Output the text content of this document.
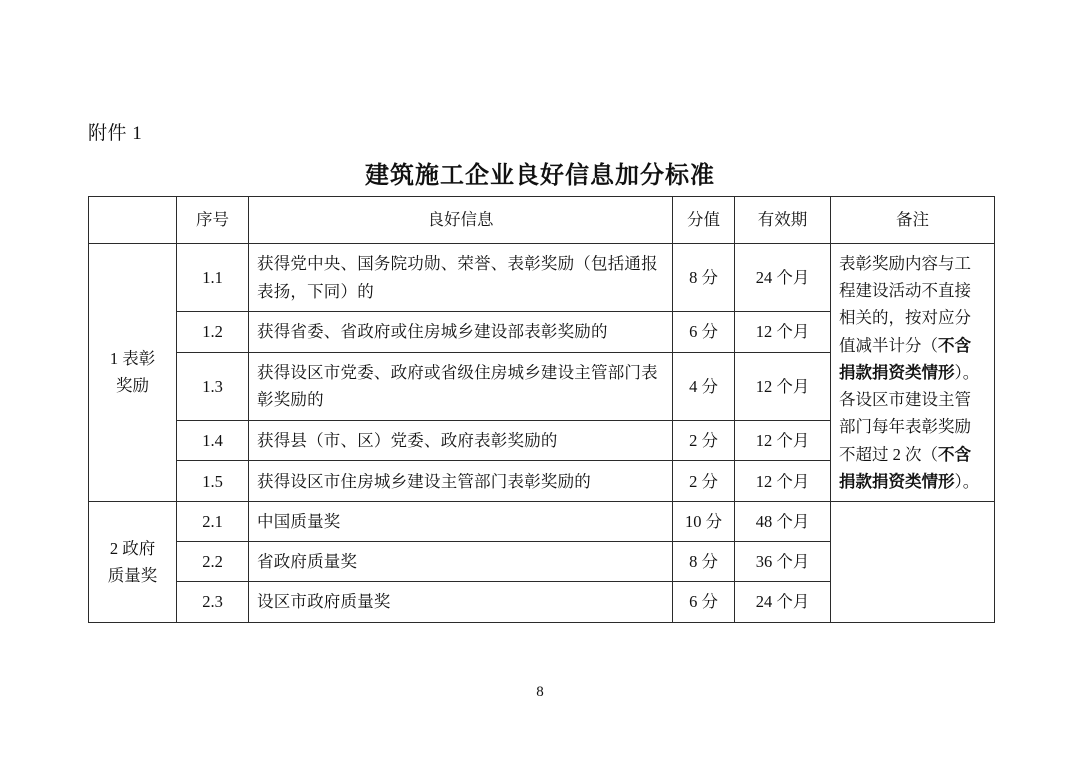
附件 1
建筑施工企业良好信息加分标准
	序号	良好信息	分值	有效期	备注
1 表彰
奖励	1.1	获得党中央、国务院功勋、荣誉、表彰奖励（包括通报表扬，下同）的	8 分	24 个月	表彰奖励内容与工程建设活动不直接相关的，按对应分值减半计分（不含捐款捐资类情形）。各设区市建设主管部门每年表彰奖励不超过 2 次（不含捐款捐资类情形）。
	1.2	获得省委、省政府或住房城乡建设部表彰奖励的	6 分	12 个月	
	1.3	获得设区市党委、政府或省级住房城乡建设主管部门表彰奖励的	4 分	12 个月	
	1.4	获得县（市、区）党委、政府表彰奖励的	2 分	12 个月	
	1.5	获得设区市住房城乡建设主管部门表彰奖励的	2 分	12 个月	
2 政府
质量奖	2.1	中国质量奖	10 分	48 个月	
	2.2	省政府质量奖	8 分	36 个月	
	2.3	设区市政府质量奖	6 分	24 个月	
8
